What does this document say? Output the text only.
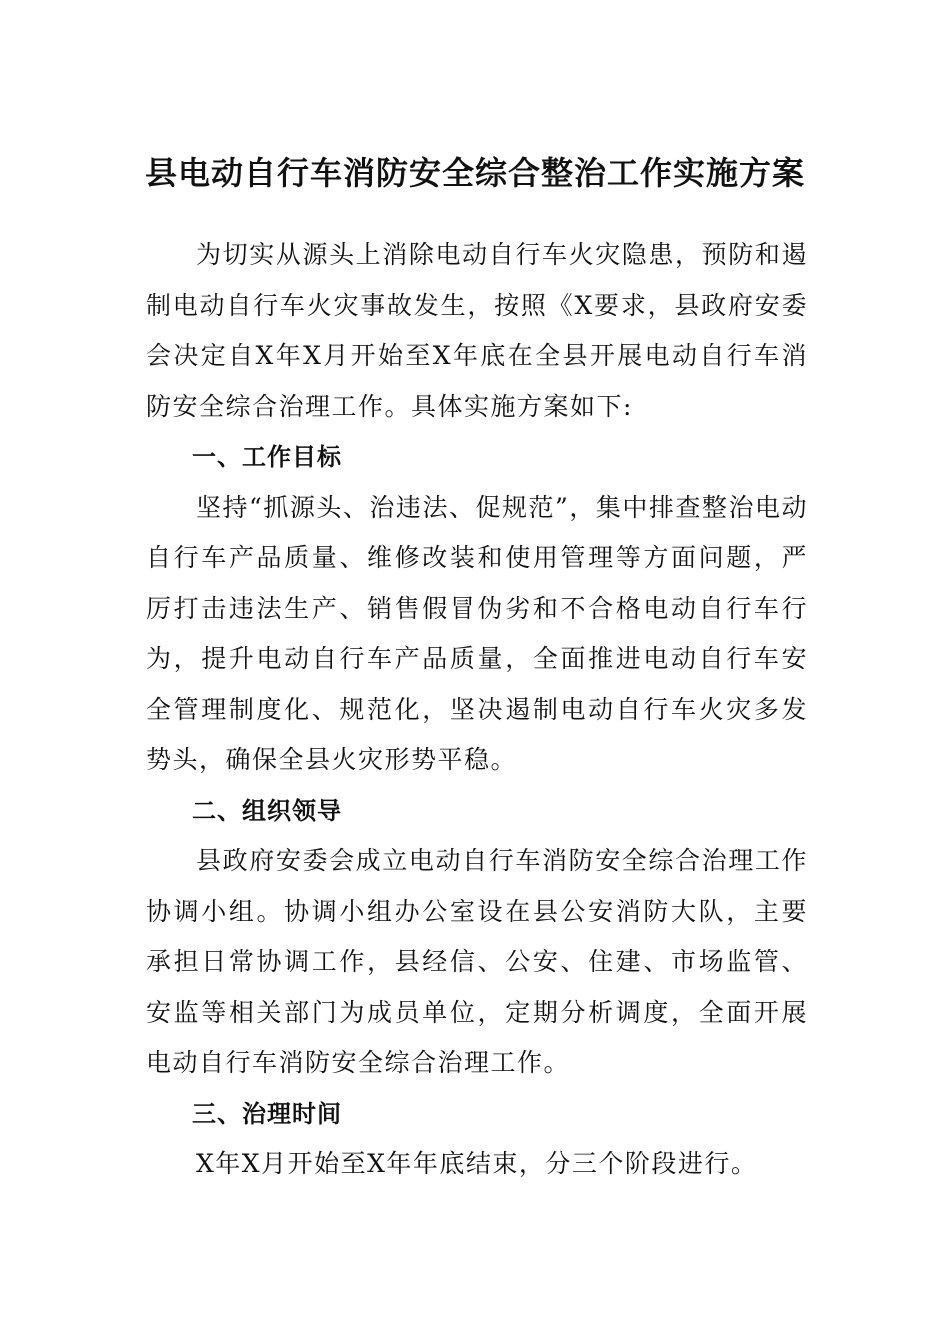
县电动自行车消防安全综合整治工作实施方案

为切实从源头上消除电动自行车火灾隐患，预防和遏制电动自行车火灾事故发生，按照《X要求，县政府安委会决定自X年X月开始至X年底在全县开展电动自行车消防安全综合治理工作。具体实施方案如下:

一、工作目标

坚持“抓源头、治违法、促规范”，集中排查整治电动自行车产品质量、维修改装和使用管理等方面问题，严厉打击违法生产、销售假冒伪劣和不合格电动自行车行为，提升电动自行车产品质量，全面推进电动自行车安全管理制度化、规范化，坚决遏制电动自行车火灾多发势头，确保全县火灾形势平稳。

二、组织领导

县政府安委会成立电动自行车消防安全综合治理工作协调小组。协调小组办公室设在县公安消防大队，主要承担日常协调工作，县经信、公安、住建、市场监管、安监等相关部门为成员单位，定期分析调度，全面开展电动自行车消防安全综合治理工作。

三、治理时间

X年X月开始至X年年底结束，分三个阶段进行。
